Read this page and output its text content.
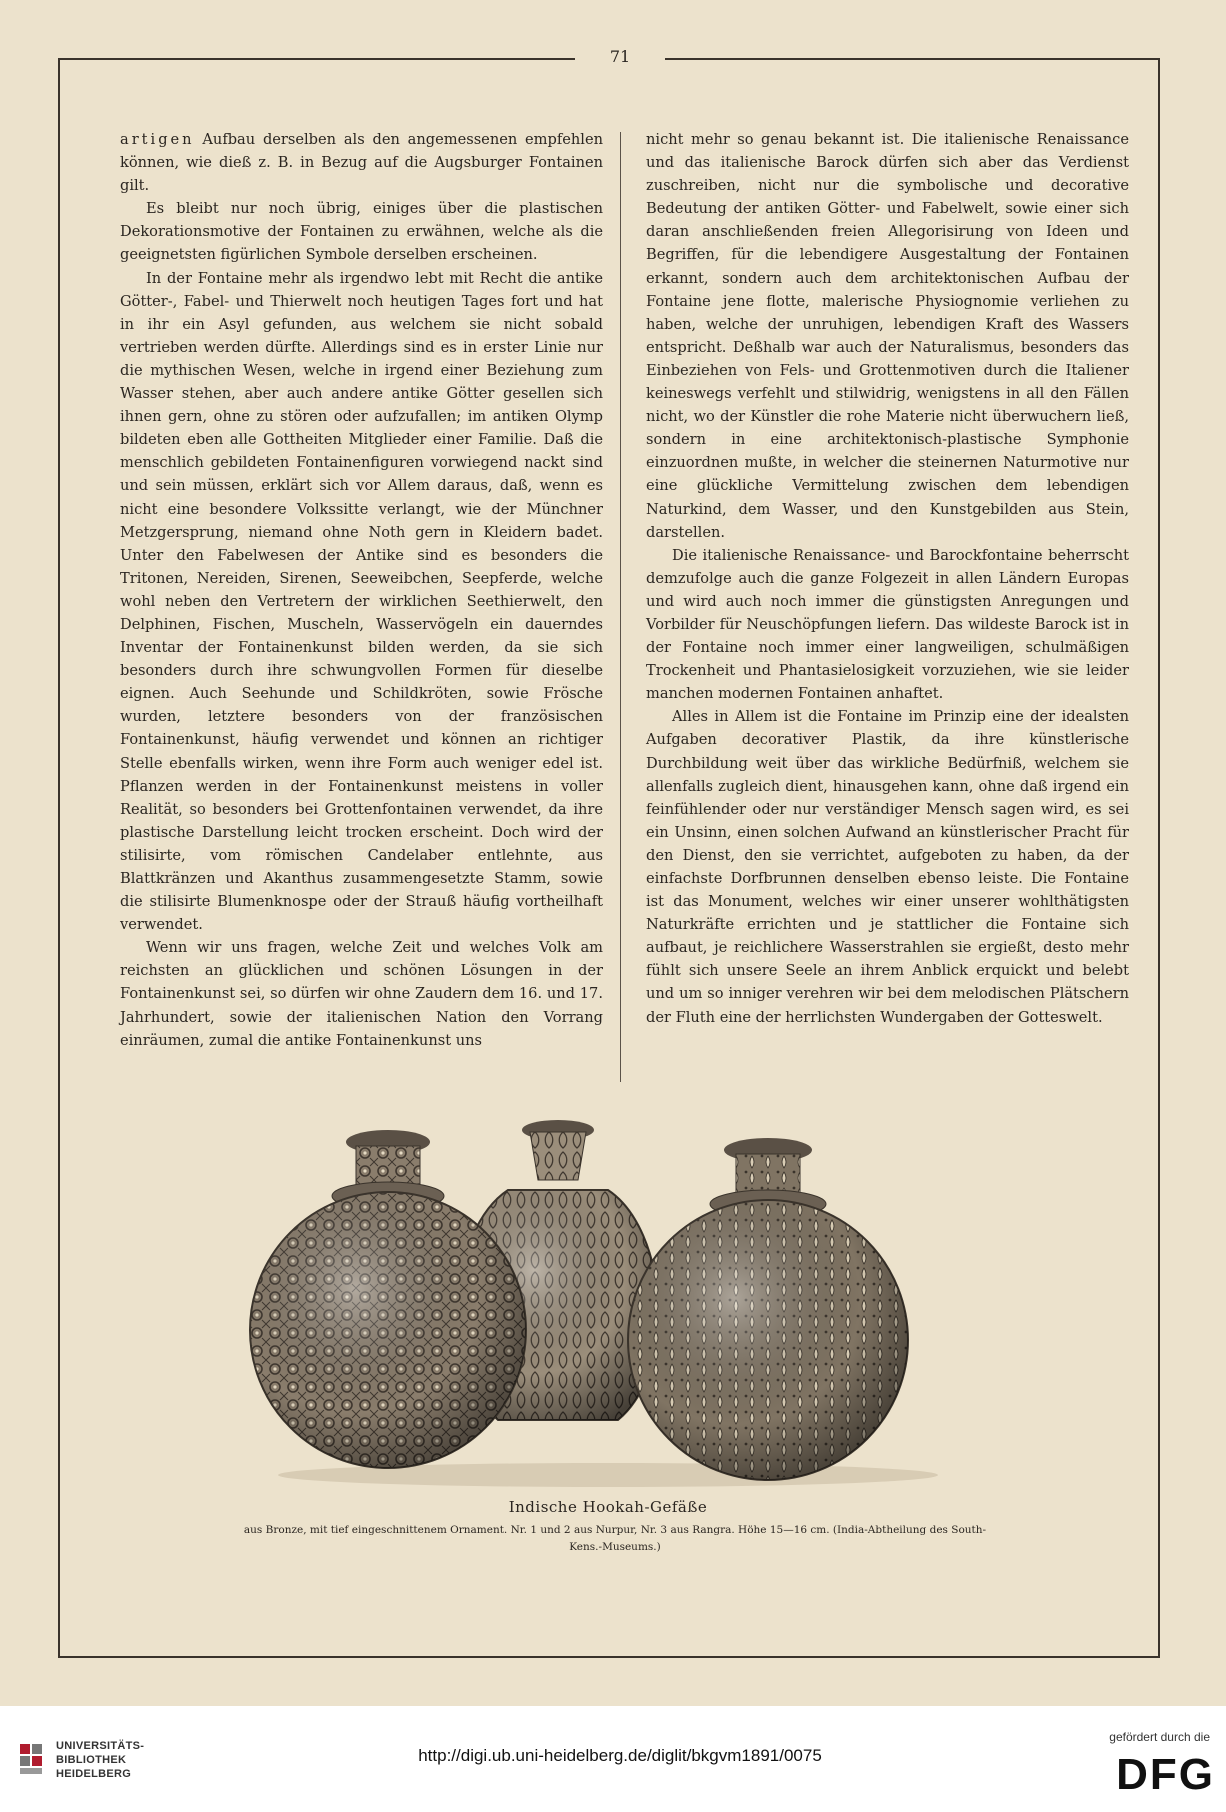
71

artigen Aufbau derselben als den angemessenen empfehlen können, wie dieß z. B. in Bezug auf die Augsburger Fontainen gilt.

Es bleibt nur noch übrig, einiges über die plastischen Dekorationsmotive der Fontainen zu erwähnen, welche als die geeignetsten figürlichen Symbole derselben erscheinen.

In der Fontaine mehr als irgendwo lebt mit Recht die antike Götter-, Fabel- und Thierwelt noch heutigen Tages fort und hat in ihr ein Asyl gefunden, aus welchem sie nicht sobald vertrieben werden dürfte. Allerdings sind es in erster Linie nur die mythischen Wesen, welche in irgend einer Beziehung zum Wasser stehen, aber auch andere antike Götter gesellen sich ihnen gern, ohne zu stören oder aufzufallen; im antiken Olymp bildeten eben alle Gottheiten Mitglieder einer Familie. Daß die menschlich gebildeten Fontainenfiguren vorwiegend nackt sind und sein müssen, erklärt sich vor Allem daraus, daß, wenn es nicht eine besondere Volkssitte verlangt, wie der Münchner Metzgersprung, niemand ohne Noth gern in Kleidern badet. Unter den Fabelwesen der Antike sind es besonders die Tritonen, Nereiden, Sirenen, Seeweibchen, Seepferde, welche wohl neben den Vertretern der wirklichen Seethierwelt, den Delphinen, Fischen, Muscheln, Wasservögeln ein dauerndes Inventar der Fontainenkunst bilden werden, da sie sich besonders durch ihre schwungvollen Formen für dieselbe eignen. Auch Seehunde und Schildkröten, sowie Frösche wurden, letztere besonders von der französischen Fontainenkunst, häufig verwendet und können an richtiger Stelle ebenfalls wirken, wenn ihre Form auch weniger edel ist. Pflanzen werden in der Fontainenkunst meistens in voller Realität, so besonders bei Grottenfontainen verwendet, da ihre plastische Darstellung leicht trocken erscheint. Doch wird der stilisirte, vom römischen Candelaber entlehnte, aus Blattkränzen und Akanthus zusammengesetzte Stamm, sowie die stilisirte Blumenknospe oder der Strauß häufig vortheilhaft verwendet.

Wenn wir uns fragen, welche Zeit und welches Volk am reichsten an glücklichen und schönen Lösungen in der Fontainenkunst sei, so dürfen wir ohne Zaudern dem 16. und 17. Jahrhundert, sowie der italienischen Nation den Vorrang einräumen, zumal die antike Fontainenkunst uns

nicht mehr so genau bekannt ist. Die italienische Renaissance und das italienische Barock dürfen sich aber das Verdienst zuschreiben, nicht nur die symbolische und decorative Bedeutung der antiken Götter- und Fabelwelt, sowie einer sich daran anschließenden freien Allegorisirung von Ideen und Begriffen, für die lebendigere Ausgestaltung der Fontainen erkannt, sondern auch dem architektonischen Aufbau der Fontaine jene flotte, malerische Physiognomie verliehen zu haben, welche der unruhigen, lebendigen Kraft des Wassers entspricht. Deßhalb war auch der Naturalismus, besonders das Einbeziehen von Fels- und Grottenmotiven durch die Italiener keineswegs verfehlt und stilwidrig, wenigstens in all den Fällen nicht, wo der Künstler die rohe Materie nicht überwuchern ließ, sondern in eine architektonisch-plastische Symphonie einzuordnen mußte, in welcher die steinernen Naturmotive nur eine glückliche Vermittelung zwischen dem lebendigen Naturkind, dem Wasser, und den Kunstgebilden aus Stein, darstellen.

Die italienische Renaissance- und Barockfontaine beherrscht demzufolge auch die ganze Folgezeit in allen Ländern Europas und wird auch noch immer die günstigsten Anregungen und Vorbilder für Neuschöpfungen liefern. Das wildeste Barock ist in der Fontaine noch immer einer langweiligen, schulmäßigen Trockenheit und Phantasielosigkeit vorzuziehen, wie sie leider manchen modernen Fontainen anhaftet.

Alles in Allem ist die Fontaine im Prinzip eine der idealsten Aufgaben decorativer Plastik, da ihre künstlerische Durchbildung weit über das wirkliche Bedürfniß, welchem sie allenfalls zugleich dient, hinausgehen kann, ohne daß irgend ein feinfühlender oder nur verständiger Mensch sagen wird, es sei ein Unsinn, einen solchen Aufwand an künstlerischer Pracht für den Dienst, den sie verrichtet, aufgeboten zu haben, da der einfachste Dorfbrunnen denselben ebenso leiste. Die Fontaine ist das Monument, welches wir einer unserer wohlthätigsten Naturkräfte errichten und je stattlicher die Fontaine sich aufbaut, je reichlichere Wasserstrahlen sie ergießt, desto mehr fühlt sich unsere Seele an ihrem Anblick erquickt und belebt und um so inniger verehren wir bei dem melodischen Plätschern der Fluth eine der herrlichsten Wundergaben der Gotteswelt.

Indische Hookah-Gefäße
aus Bronze, mit tief eingeschnittenem Ornament. Nr. 1 und 2 aus Nurpur, Nr. 3 aus Rangra. Höhe 15—16 cm. (India-Abtheilung des South-Kens.-Museums.)
UNIVERSITÄTS-
BIBLIOTHEK
HEIDELBERG
http://digi.ub.uni-heidelberg.de/diglit/bkgvm1891/0075
gefördert durch die
DFG
